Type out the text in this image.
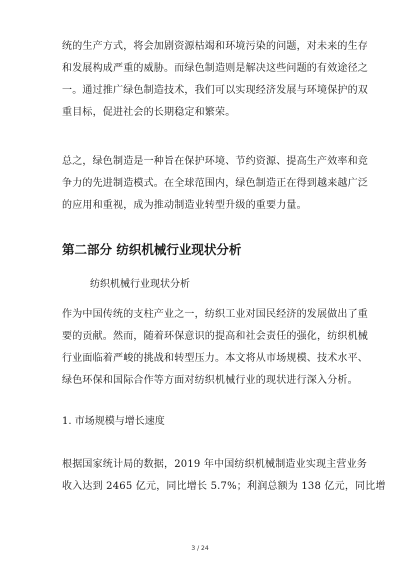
统的生产方式，将会加剧资源枯竭和环境污染的问题，对未来的生存
和发展构成严重的威胁。而绿色制造则是解决这些问题的有效途径之
一。通过推广绿色制造技术，我们可以实现经济发展与环境保护的双
重目标，促进社会的长期稳定和繁荣。

总之，绿色制造是一种旨在保护环境、节约资源、提高生产效率和竞
争力的先进制造模式。在全球范围内，绿色制造正在得到越来越广泛
的应用和重视，成为推动制造业转型升级的重要力量。

第二部分 纺织机械行业现状分析

纺织机械行业现状分析

作为中国传统的支柱产业之一，纺织工业对国民经济的发展做出了重
要的贡献。然而，随着环保意识的提高和社会责任的强化，纺织机械
行业面临着严峻的挑战和转型压力。本文将从市场规模、技术水平、
绿色环保和国际合作等方面对纺织机械行业的现状进行深入分析。

1. 市场规模与增长速度

根据国家统计局的数据，2019 年中国纺织机械制造业实现主营业务
收入达到 2465 亿元，同比增长 5.7%；利润总额为 138 亿元，同比增

3 / 24
